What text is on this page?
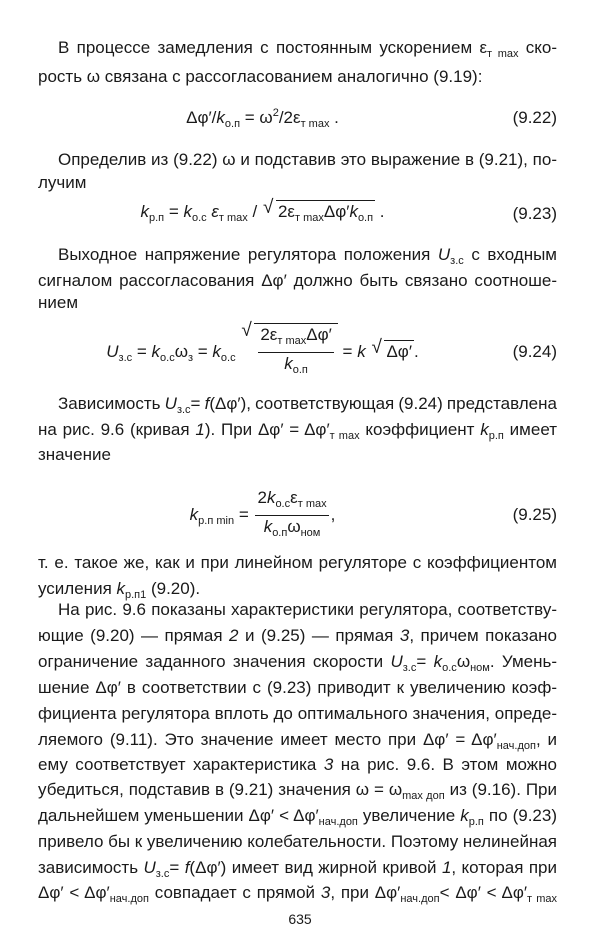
В процессе замедления с постоянным ускорением $\varepsilon_{т max}$ ско-
рость ω связана с рассогласованием аналогично (9.19):
$\Delta\varphi'/k_{о.п} = \omega^2/2\varepsilon_{т max}$ .	(9.22)
Определив из (9.22) ω и подставив это выражение в (9.21), по-
лучим
$k_{р.п} = k_{о.с}$ $\varepsilon_{т max}$ / √ $2\varepsilon_{т max}\Delta\varphi'k_{о.п}$ .	(9.23)
Выходное напряжение регулятора положения $U_{з.с}$ с входным
сигналом рассогласования Δφ′ должно быть связано соотноше-
нием
$U_{з.с} = k_{о.с}\omega_з = k_{о.с}$ √ $\frac{2\varepsilon_{т max}\Delta\varphi'}{k_{о.п}} = k$ √ Δφ′ .	(9.24)
Зависимость $U_{з.с}= f(\Delta\varphi')$, соответствующая (9.24) представлена
на рис. 9.6 (кривая 1). При $\Delta\varphi' = \Delta\varphi'_{т max}$ коэффициент $k_{р.п}$ имеет
значение
$k_{р.п min} = \frac{2k_{о.с}\varepsilon_{т max}}{k_{о.п}\omega_{ном}}$ ,	(9.25)
т. е. такое же, как и при линейном регуляторе с коэффициентом
усиления $k_{р.п1}$ (9.20).
На рис. 9.6 показаны характеристики регулятора, соответству-
ющие (9.20) — прямая 2 и (9.25) — прямая 3, причем показано
ограничение заданного значения скорости $U_{з.с}= k_{о.с}\omega_{ном}$. Умень-
шение Δφ′ в соответствии с (9.23) приводит к увеличению коэф-
фициента регулятора вплоть до оптимального значения, опреде-
ляемого (9.11). Это значение имеет место при $\Delta\varphi' = \Delta\varphi'_{нач.доп}$, и
ему соответствует характеристика 3 на рис. 9.6. В этом можно
убедиться, подставив в (9.21) значения $\omega = \omega_{max доп}$ из (9.16). При
дальнейшем уменьшении $\Delta\varphi' < \Delta\varphi'_{нач.доп}$ увеличение $k_{р.п}$ по (9.23)
привело бы к увеличению колебательности. Поэтому нелинейная
зависимость $U_{з.с}= f(\Delta\varphi')$ имеет вид жирной кривой 1, которая при
$\Delta\varphi' < \Delta\varphi'_{нач.доп}$ совпадает с прямой 3, при $\Delta\varphi'_{нач.доп}< \Delta\varphi' < \Delta\varphi'_{т max}$
635
